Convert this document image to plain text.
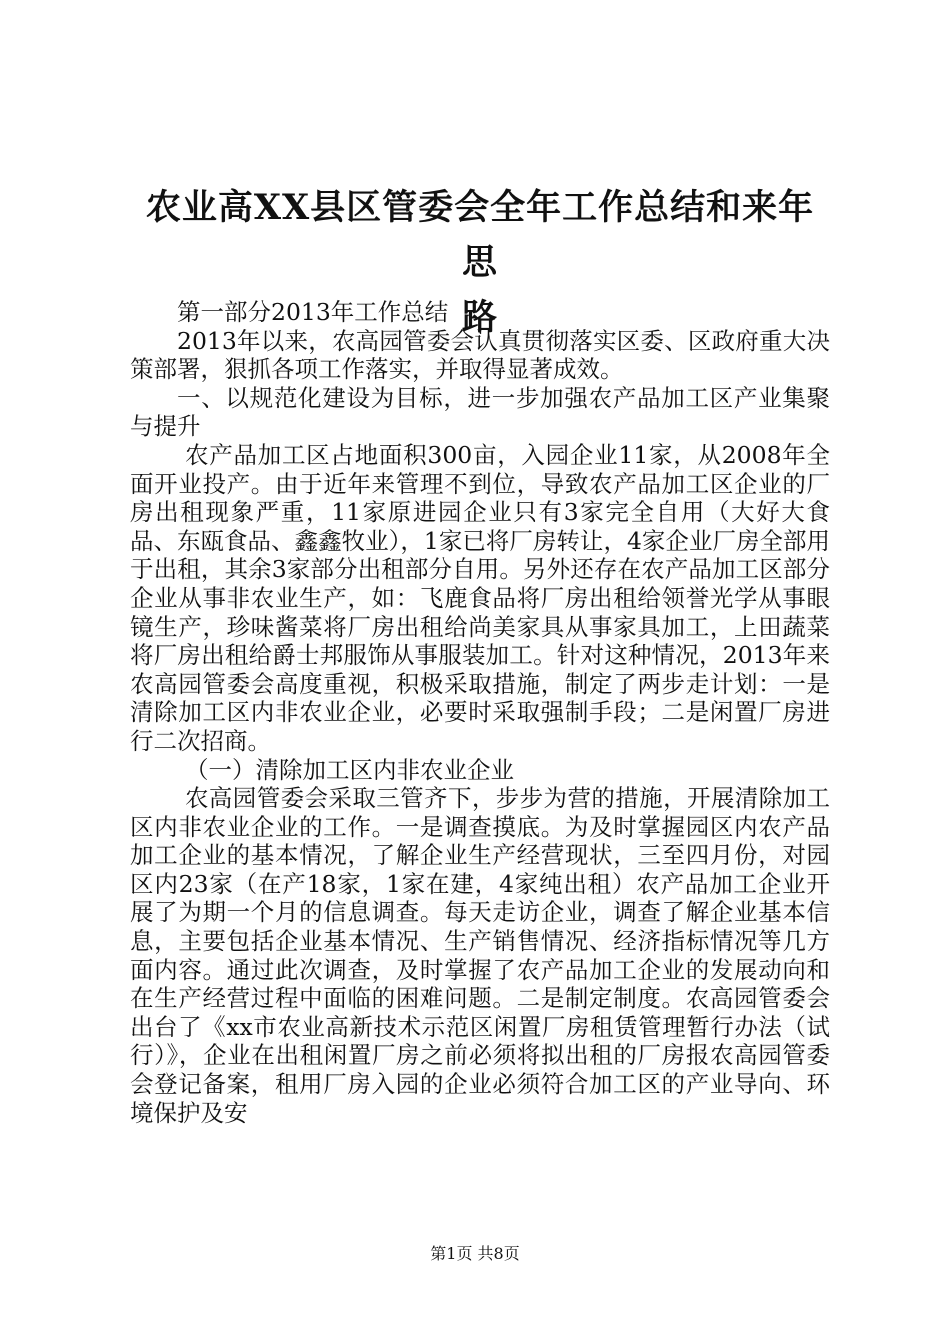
农业高XX县区管委会全年工作总结和来年思
路

第一部分2013年工作总结

2013年以来，农高园管委会认真贯彻落实区委、区政府重大决策部署，狠抓各项工作落实，并取得显著成效。

一、以规范化建设为目标，进一步加强农产品加工区产业集聚与提升

农产品加工区占地面积300亩，入园企业11家，从2008年全面开业投产。由于近年来管理不到位，导致农产品加工区企业的厂房出租现象严重，11家原进园企业只有3家完全自用（大好大食品、东瓯食品、鑫鑫牧业），1家已将厂房转让，4家企业厂房全部用于出租，其余3家部分出租部分自用。另外还存在农产品加工区部分企业从事非农业生产，如：飞鹿食品将厂房出租给领誉光学从事眼镜生产，珍味酱菜将厂房出租给尚美家具从事家具加工，上田蔬菜将厂房出租给爵士邦服饰从事服装加工。针对这种情况，2013年来农高园管委会高度重视，积极采取措施，制定了两步走计划：一是清除加工区内非农业企业，必要时采取强制手段；二是闲置厂房进行二次招商。

（一）清除加工区内非农业企业

农高园管委会采取三管齐下，步步为营的措施，开展清除加工区内非农业企业的工作。一是调查摸底。为及时掌握园区内农产品加工企业的基本情况，了解企业生产经营现状，三至四月份，对园区内23家（在产18家，1家在建，4家纯出租）农产品加工企业开展了为期一个月的信息调查。每天走访企业，调查了解企业基本信息，主要包括企业基本情况、生产销售情况、经济指标情况等几方面内容。通过此次调查，及时掌握了农产品加工企业的发展动向和在生产经营过程中面临的困难问题。二是制定制度。农高园管委会出台了《xx市农业高新技术示范区闲置厂房租赁管理暂行办法（试行）》，企业在出租闲置厂房之前必须将拟出租的厂房报农高园管委会登记备案，租用厂房入园的企业必须符合加工区的产业导向、环境保护及安

第1页 共8页
